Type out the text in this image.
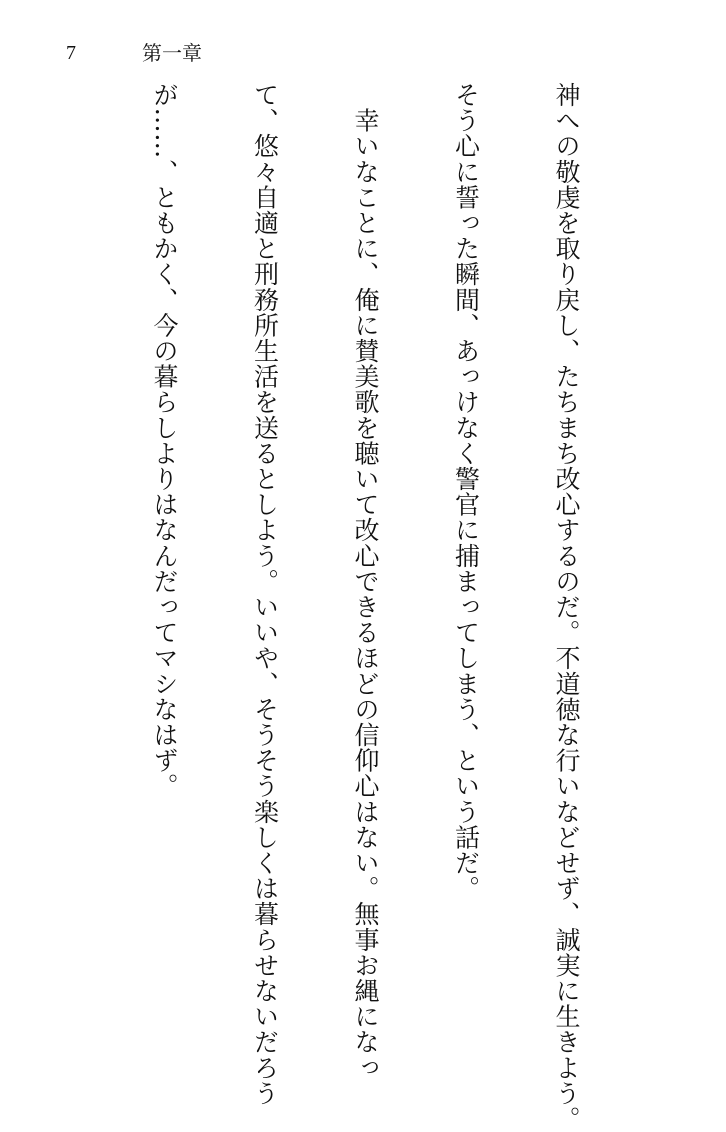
7	第一章

神への敬虔を取り戻し、たちまち改心するのだ。不道徳な行いなどせず、誠実に生きよう。

そう心に誓った瞬間、あっけなく警官に捕まってしまう、という話だ。

　幸いなことに、俺に賛美歌を聴いて改心できるほどの信仰心はない。無事お縄になっ

て、悠々自適と刑務所生活を送るとしよう。いいや、そうそう楽しくは暮らせないだろう

が……、ともかく、今の暮らしよりはなんだってマシなはず。
